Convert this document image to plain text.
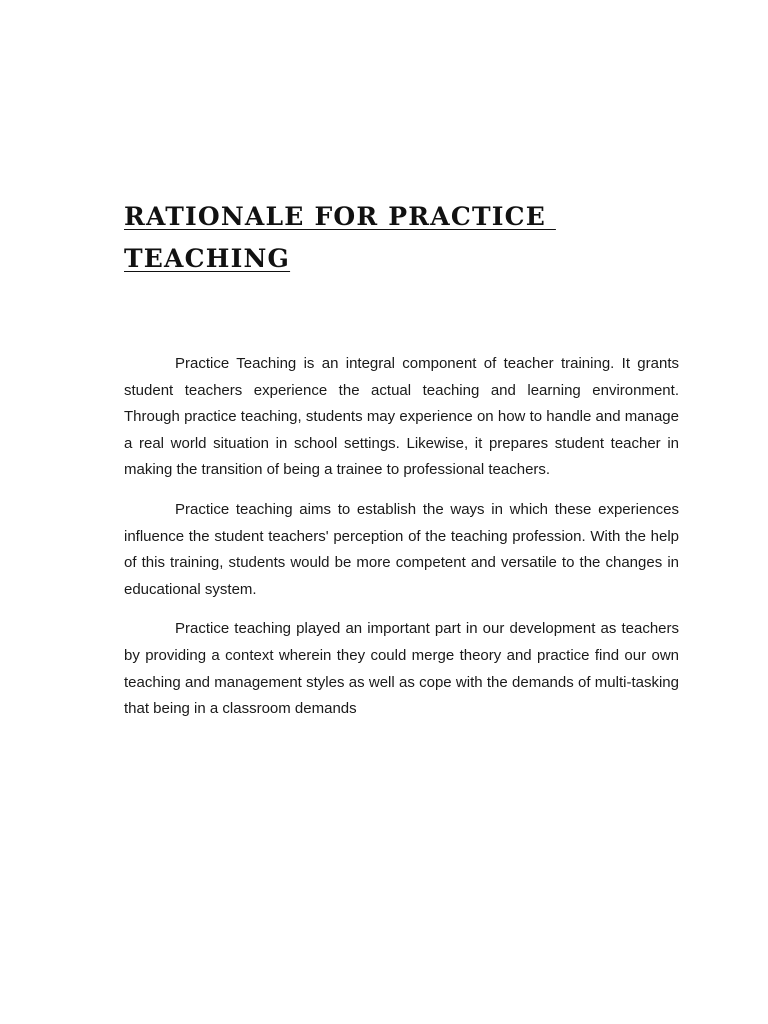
RATIONALE FOR PRACTICE
TEACHING

Practice Teaching is an integral component of teacher training. It grants student teachers experience the actual teaching and learning environment. Through practice teaching, students may experience on how to handle and manage a real world situation in school settings. Likewise, it prepares student teacher in making the transition of being a trainee to professional teachers.

Practice teaching aims to establish the ways in which these experiences influence the student teachers' perception of the teaching profession. With the help of this training, students would be more competent and versatile to the changes in educational system.

Practice teaching played an important part in our development as teachers by providing a context wherein they could merge theory and practice find our own teaching and management styles as well as cope with the demands of multi-tasking that being in a classroom demands
